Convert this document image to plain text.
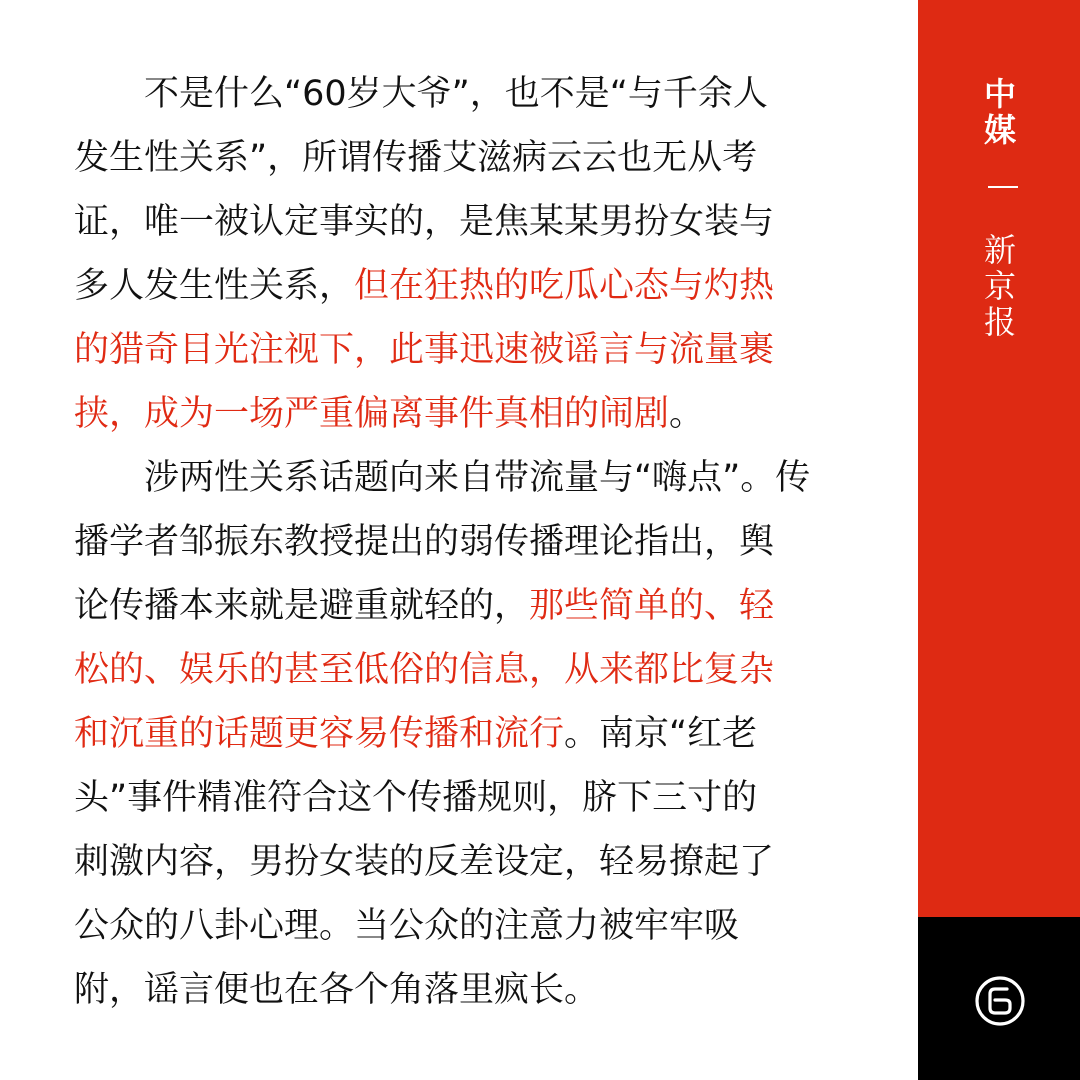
　　不是什么“60岁大爷”，也不是“与千余人
发生性关系”，所谓传播艾滋病云云也无从考
证，唯一被认定事实的，是焦某某男扮女装与
多人发生性关系，但在狂热的吃瓜心态与灼热
的猎奇目光注视下，此事迅速被谣言与流量裹
挟，成为一场严重偏离事件真相的闹剧。
　　涉两性关系话题向来自带流量与“嗨点”。传
播学者邹振东教授提出的弱传播理论指出，舆
论传播本来就是避重就轻的，那些简单的、轻
松的、娱乐的甚至低俗的信息，从来都比复杂
和沉重的话题更容易传播和流行。南京“红老
头”事件精准符合这个传播规则，脐下三寸的
刺激内容，男扮女装的反差设定，轻易撩起了
公众的八卦心理。当公众的注意力被牢牢吸
附，谣言便也在各个角落里疯长。
中媒
新京报
